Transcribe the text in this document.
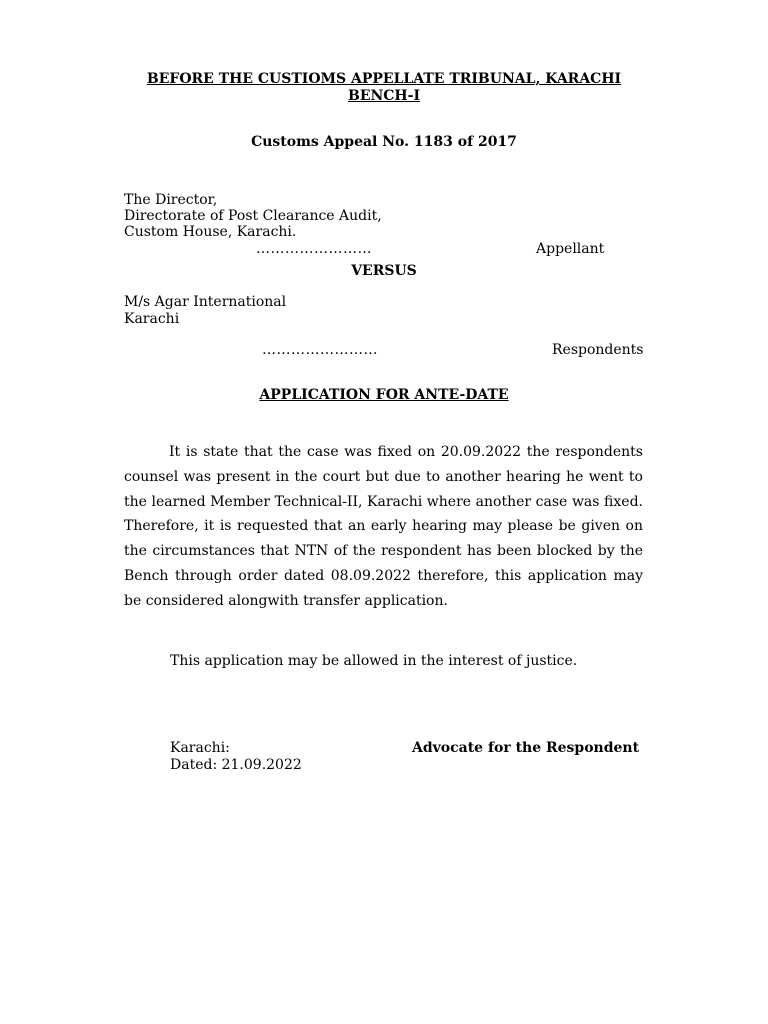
BEFORE THE CUSTIOMS APPELLATE TRIBUNAL, KARACHI
BENCH-I
Customs Appeal No. 1183 of 2017
The Director,
Directorate of Post Clearance Audit,
Custom House, Karachi.
……………………	Appellant
VERSUS
M/s Agar International
Karachi
……………………	Respondents
APPLICATION FOR ANTE-DATE
It is state that the case was fixed on 20.09.2022 the respondents counsel was present in the court but due to another hearing he went to the learned Member Technical-II, Karachi where another case was fixed. Therefore, it is requested that an early hearing may please be given on the circumstances that NTN of the respondent has been blocked by the Bench through order dated 08.09.2022 therefore, this application may be considered alongwith transfer application.
This application may be allowed in the interest of justice.
Karachi:
Dated: 21.09.2022
Advocate for the Respondent
